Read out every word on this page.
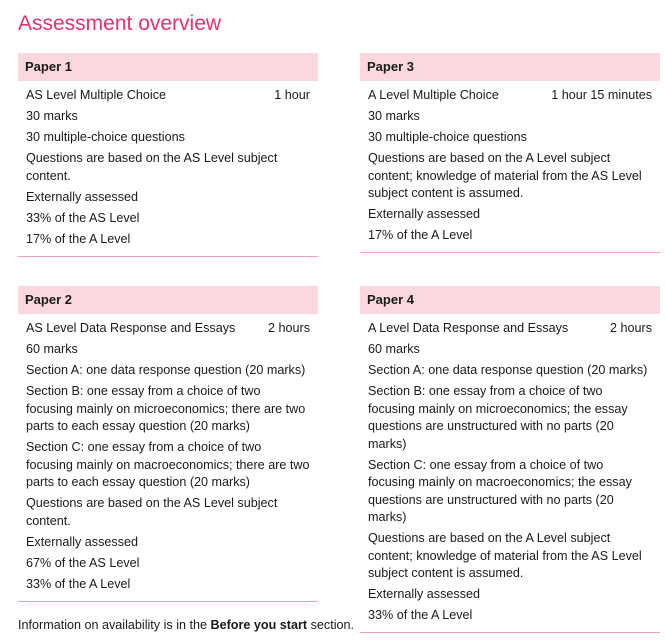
Assessment overview
Paper 1
AS Level Multiple Choice	1 hour
30 marks
30 multiple-choice questions
Questions are based on the AS Level subject content.
Externally assessed
33% of the AS Level
17% of the A Level
Paper 3
A Level Multiple Choice	1 hour 15 minutes
30 marks
30 multiple-choice questions
Questions are based on the A Level subject content; knowledge of material from the AS Level subject content is assumed.
Externally assessed
17% of the A Level
Paper 2
AS Level Data Response and Essays	2 hours
60 marks
Section A: one data response question (20 marks)
Section B: one essay from a choice of two focusing mainly on microeconomics; there are two parts to each essay question (20 marks)
Section C: one essay from a choice of two focusing mainly on macroeconomics; there are two parts to each essay question (20 marks)
Questions are based on the AS Level subject content.
Externally assessed
67% of the AS Level
33% of the A Level
Paper 4
A Level Data Response and Essays	2 hours
60 marks
Section A: one data response question (20 marks)
Section B: one essay from a choice of two focusing mainly on microeconomics; the essay questions are unstructured with no parts (20 marks)
Section C: one essay from a choice of two focusing mainly on macroeconomics; the essay questions are unstructured with no parts (20 marks)
Questions are based on the A Level subject content; knowledge of material from the AS Level subject content is assumed.
Externally assessed
33% of the A Level
Information on availability is in the Before you start section.
